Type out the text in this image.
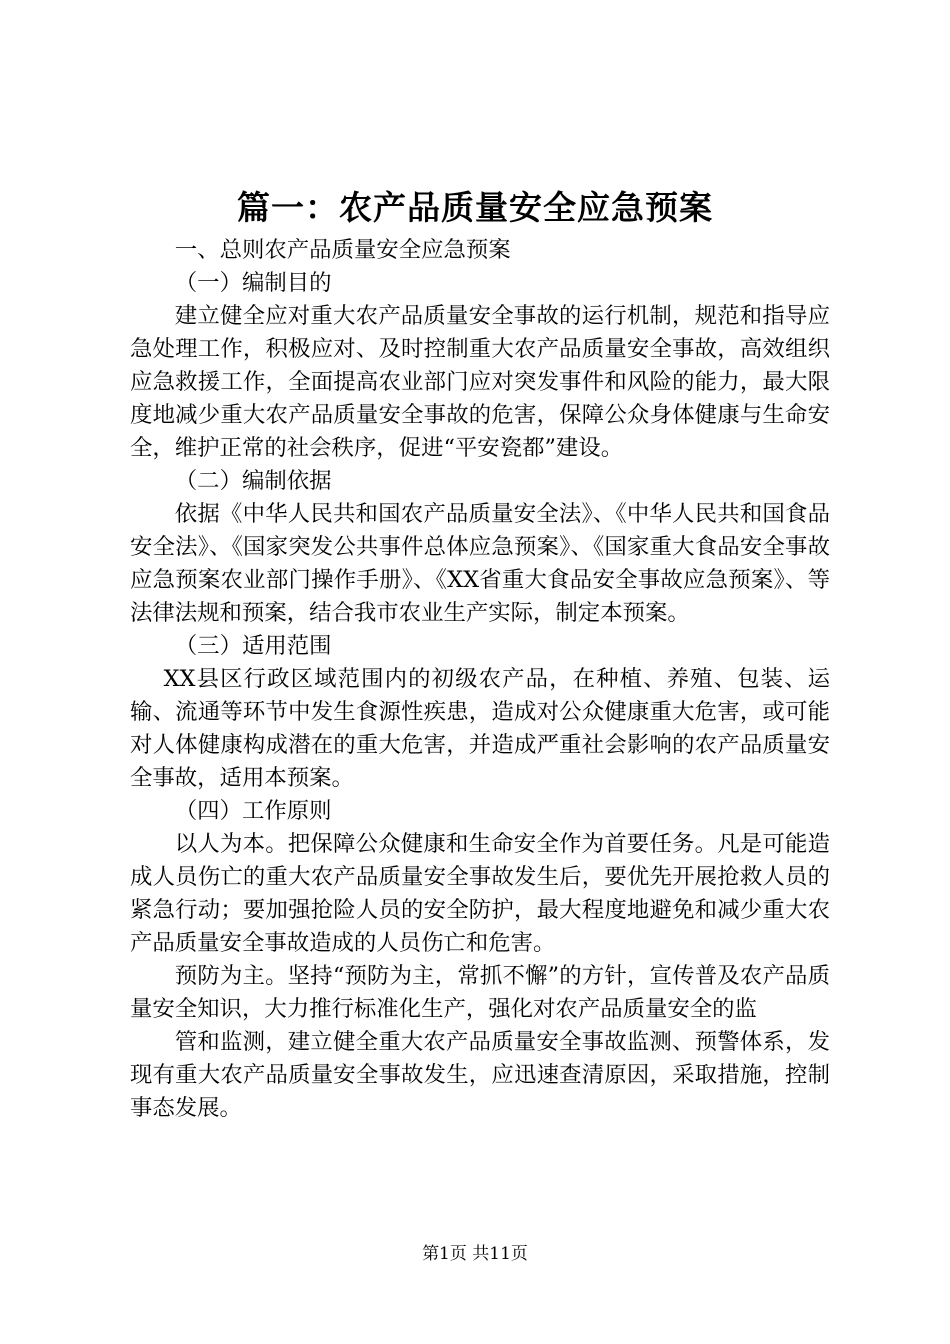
篇一：农产品质量安全应急预案

一、总则农产品质量安全应急预案

（一）编制目的

建立健全应对重大农产品质量安全事故的运行机制，规范和指导应急处理工作，积极应对、及时控制重大农产品质量安全事故，高效组织应急救援工作，全面提高农业部门应对突发事件和风险的能力，最大限度地减少重大农产品质量安全事故的危害，保障公众身体健康与生命安全，维护正常的社会秩序，促进“平安瓷都”建设。

（二）编制依据

依据《中华人民共和国农产品质量安全法》、《中华人民共和国食品安全法》、《国家突发公共事件总体应急预案》、《国家重大食品安全事故应急预案农业部门操作手册》、《XX省重大食品安全事故应急预案》、等法律法规和预案，结合我市农业生产实际，制定本预案。

（三）适用范围

XX县区行政区域范围内的初级农产品，在种植、养殖、包装、运输、流通等环节中发生食源性疾患，造成对公众健康重大危害，或可能对人体健康构成潜在的重大危害，并造成严重社会影响的农产品质量安全事故，适用本预案。

（四）工作原则

以人为本。把保障公众健康和生命安全作为首要任务。凡是可能造成人员伤亡的重大农产品质量安全事故发生后，要优先开展抢救人员的紧急行动；要加强抢险人员的安全防护，最大程度地避免和减少重大农产品质量安全事故造成的人员伤亡和危害。

预防为主。坚持“预防为主，常抓不懈”的方针，宣传普及农产品质量安全知识，大力推行标准化生产，强化对农产品质量安全的监

管和监测，建立健全重大农产品质量安全事故监测、预警体系，发现有重大农产品质量安全事故发生，应迅速查清原因，采取措施，控制事态发展。

第1页 共11页
